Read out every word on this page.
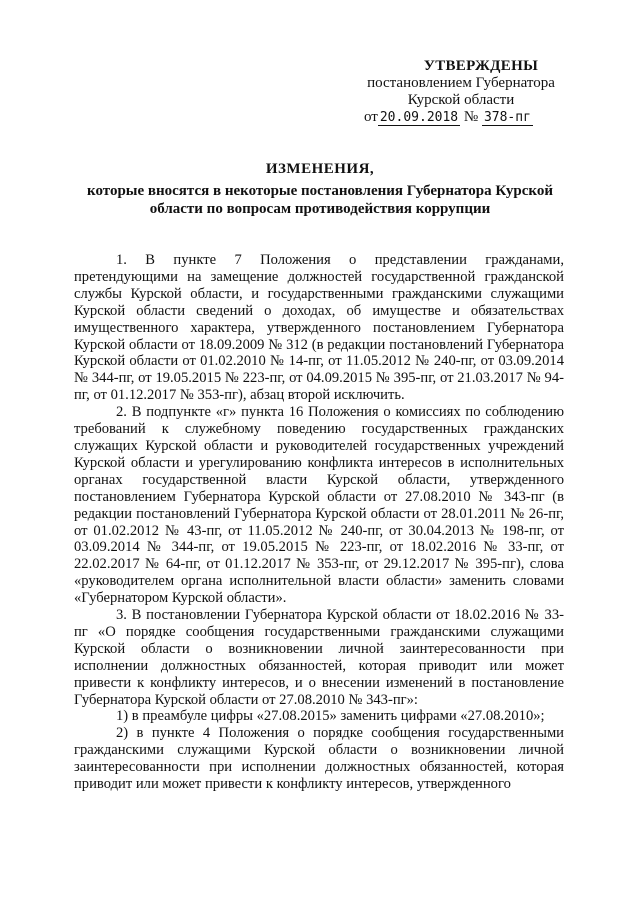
УТВЕРЖДЕНЫ
постановлением Губернатора
Курской области
от 20.09.2018 № 378-пг
ИЗМЕНЕНИЯ,
которые вносятся в некоторые постановления Губернатора Курской области по вопросам противодействия коррупции

1. В пункте 7 Положения о представлении гражданами, претендующими на замещение должностей государственной гражданской службы Курской области, и государственными гражданскими служащими Курской области сведений о доходах, об имуществе и обязательствах имущественного характера, утвержденного постановлением Губернатора Курской области от 18.09.2009 № 312 (в редакции постановлений Губернатора Курской области от 01.02.2010 № 14-пг, от 11.05.2012 № 240-пг, от 03.09.2014 № 344-пг, от 19.05.2015 № 223-пг, от 04.09.2015 № 395-пг, от 21.03.2017 № 94-пг, от 01.12.2017 № 353-пг), абзац второй исключить.

2. В подпункте «г» пункта 16 Положения о комиссиях по соблюдению требований к служебному поведению государственных гражданских служащих Курской области и руководителей государственных учреждений Курской области и урегулированию конфликта интересов в исполнительных органах государственной власти Курской области, утвержденного постановлением Губернатора Курской области от 27.08.2010 № 343-пг (в редакции постановлений Губернатора Курской области от 28.01.2011 № 26-пг, от 01.02.2012 № 43-пг, от 11.05.2012 № 240-пг, от 30.04.2013 № 198-пг, от 03.09.2014 № 344-пг, от 19.05.2015 № 223-пг, от 18.02.2016 № 33-пг, от 22.02.2017 № 64-пг, от 01.12.2017 № 353-пг, от 29.12.2017 № 395-пг), слова «руководителем органа исполнительной власти области» заменить словами «Губернатором Курской области».

3. В постановлении Губернатора Курской области от 18.02.2016 № 33-пг «О порядке сообщения государственными гражданскими служащими Курской области о возникновении личной заинтересованности при исполнении должностных обязанностей, которая приводит или может привести к конфликту интересов, и о внесении изменений в постановление Губернатора Курской области от 27.08.2010 № 343-пг»:

1) в преамбуле цифры «27.08.2015» заменить цифрами «27.08.2010»;

2) в пункте 4 Положения о порядке сообщения государственными гражданскими служащими Курской области о возникновении личной заинтересованности при исполнении должностных обязанностей, которая приводит или может привести к конфликту интересов, утвержденного
